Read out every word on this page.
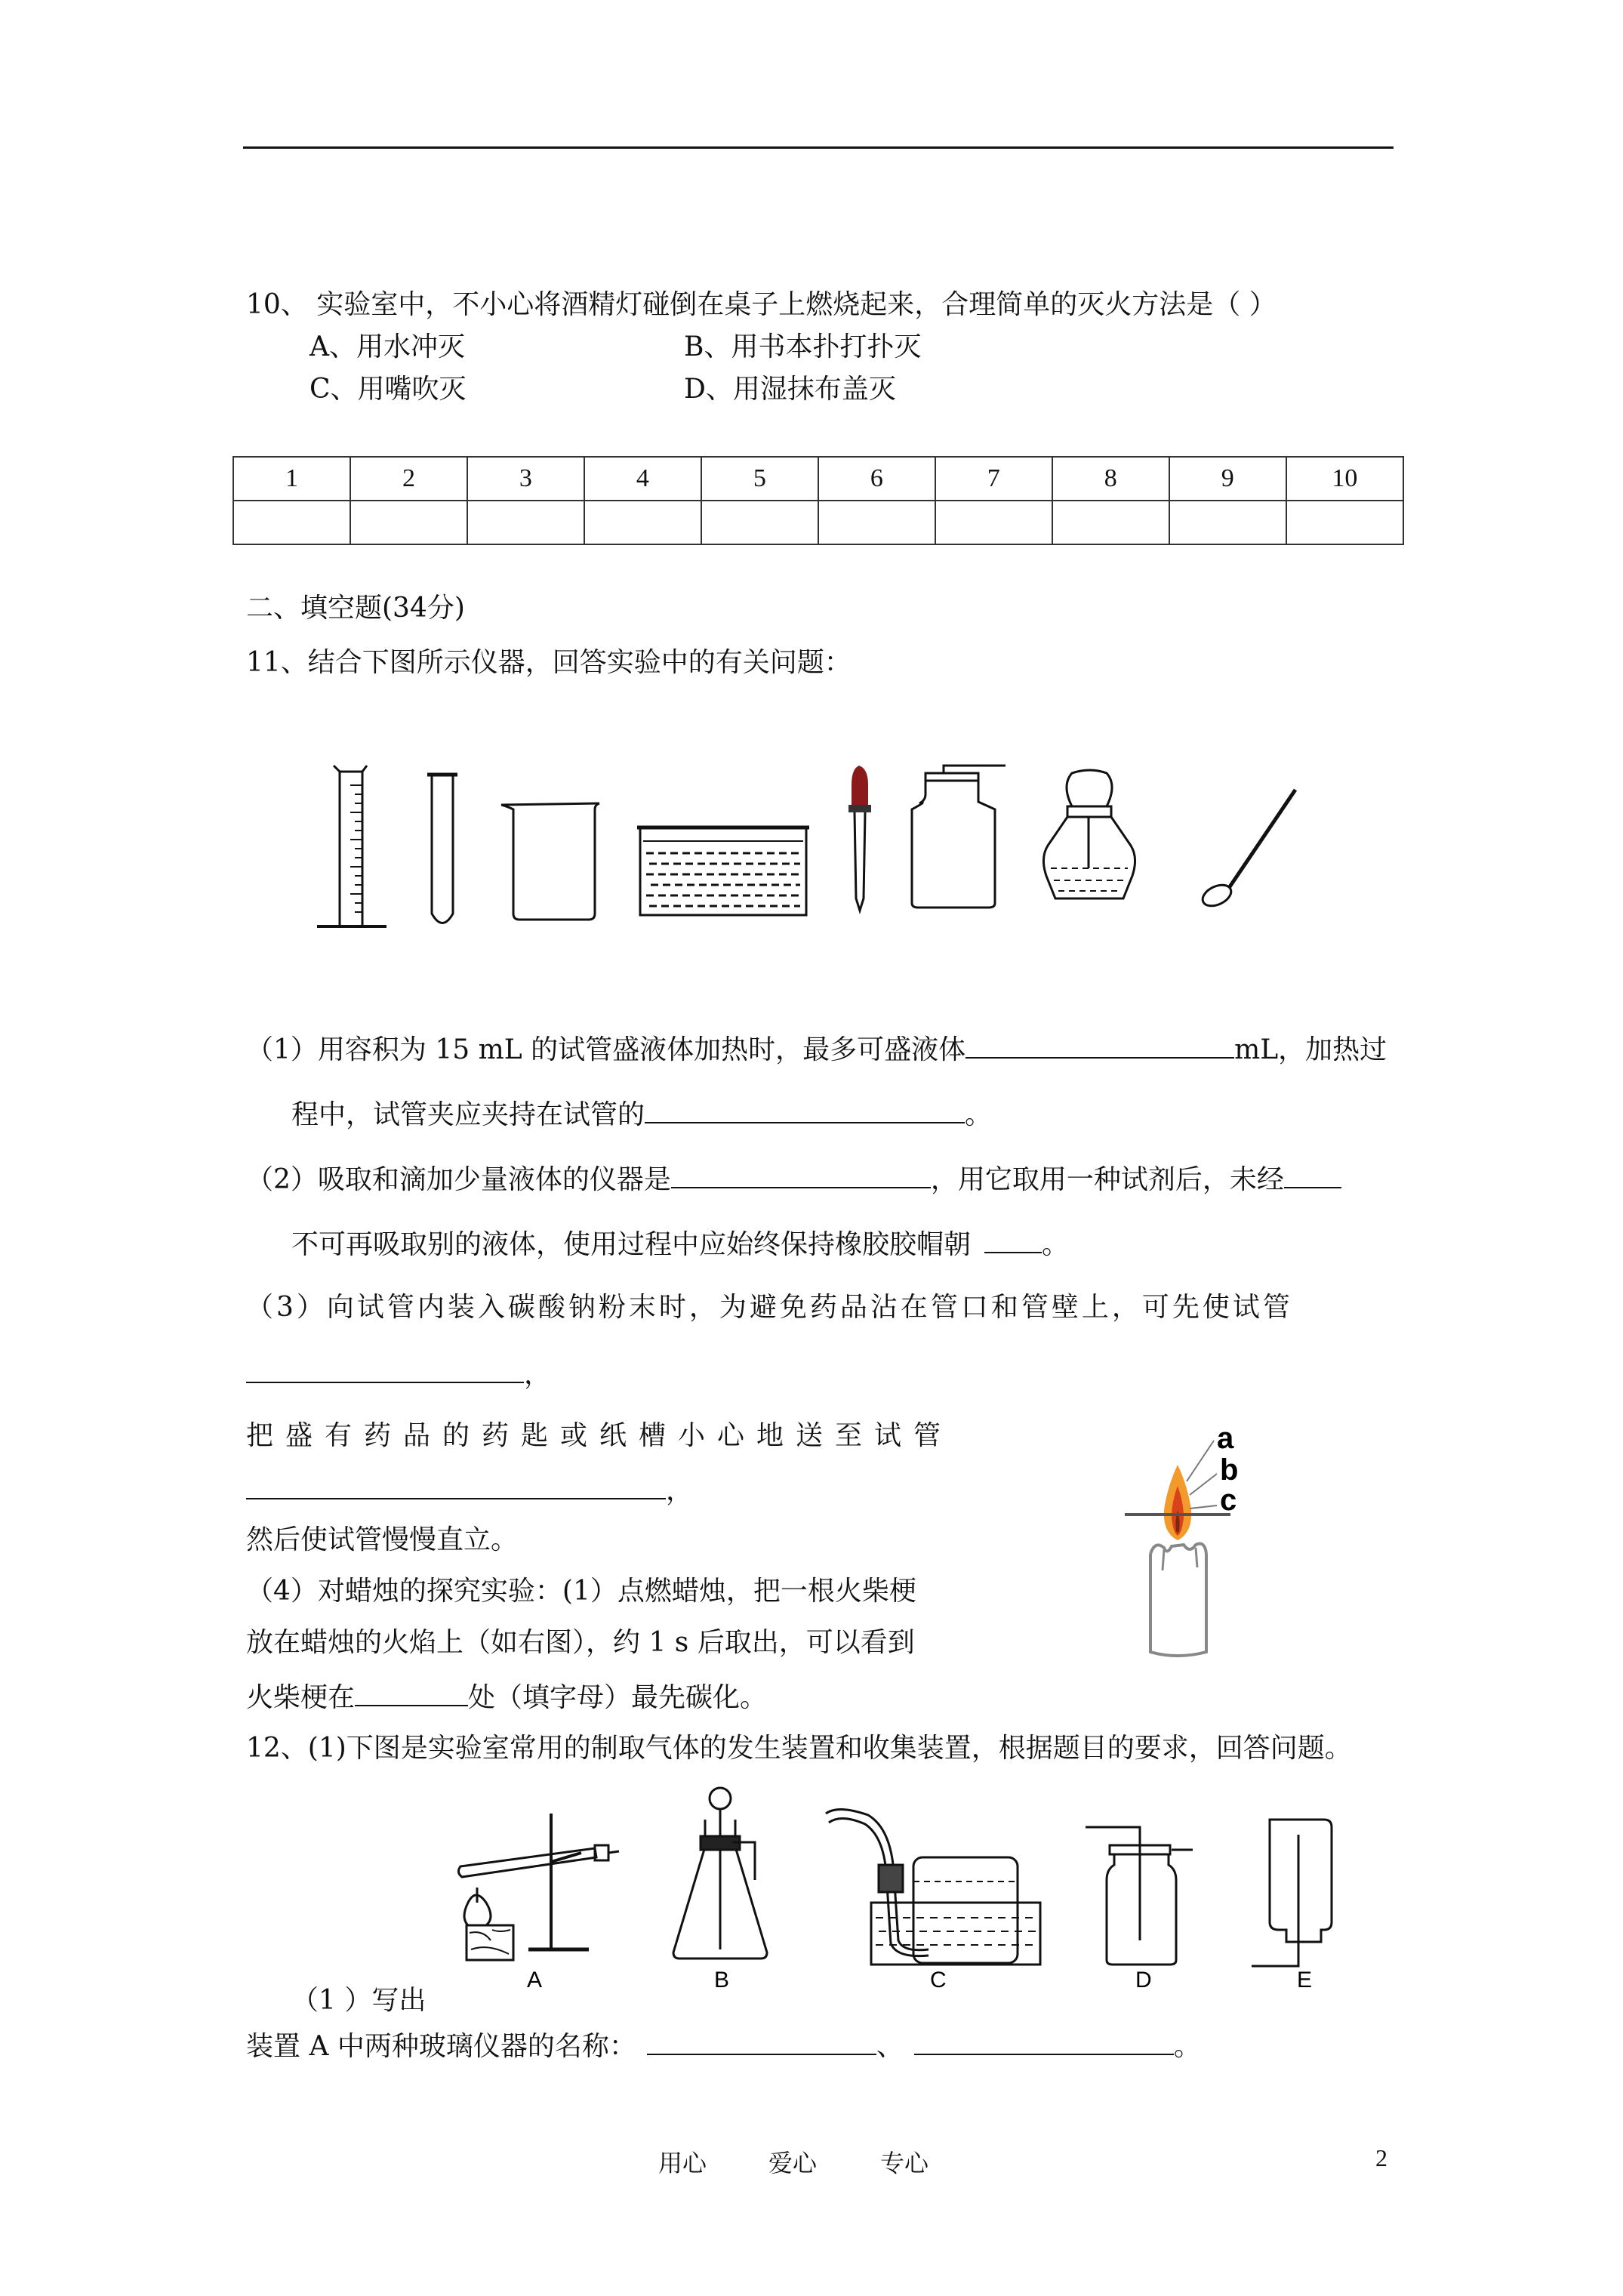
10、 实验室中，不小心将酒精灯碰倒在桌子上燃烧起来，合理简单的灭火方法是（ ）
A、用水冲灭	B、用书本扑打扑灭
C、用嘴吹灭	D、用湿抹布盖灭
1	2	3	4	5	6	7	8	9	10

二、填空题(34分)
11、结合下图所示仪器，回答实验中的有关问题：
（1）用容积为 15 mL 的试管盛液体加热时，最多可盛液体	mL，加热过
程中，试管夹应夹持在试管的	。
（2）吸取和滴加少量液体的仪器是	，用它取用一种试剂后，未经
不可再吸取别的液体，使用过程中应始终保持橡胶胶帽朝	。
（3）向试管内装入碳酸钠粉末时，为避免药品沾在管口和管壁上，可先使试管
，
把盛有药品的药匙或纸槽小心地送至试管
，
然后使试管慢慢直立。
（4）对蜡烛的探究实验：(1）点燃蜡烛，把一根火柴梗
放在蜡烛的火焰上（如右图），约 1 s 后取出，可以看到
火柴梗在	处（填字母）最先碳化。
a
b
c
12、(1)下图是实验室常用的制取气体的发生装置和收集装置，根据题目的要求，回答问题。
A	B	C	D	E
（1 ）写出
装置 A 中两种玻璃仪器的名称：	、	。
用心	爱心	专心	2
